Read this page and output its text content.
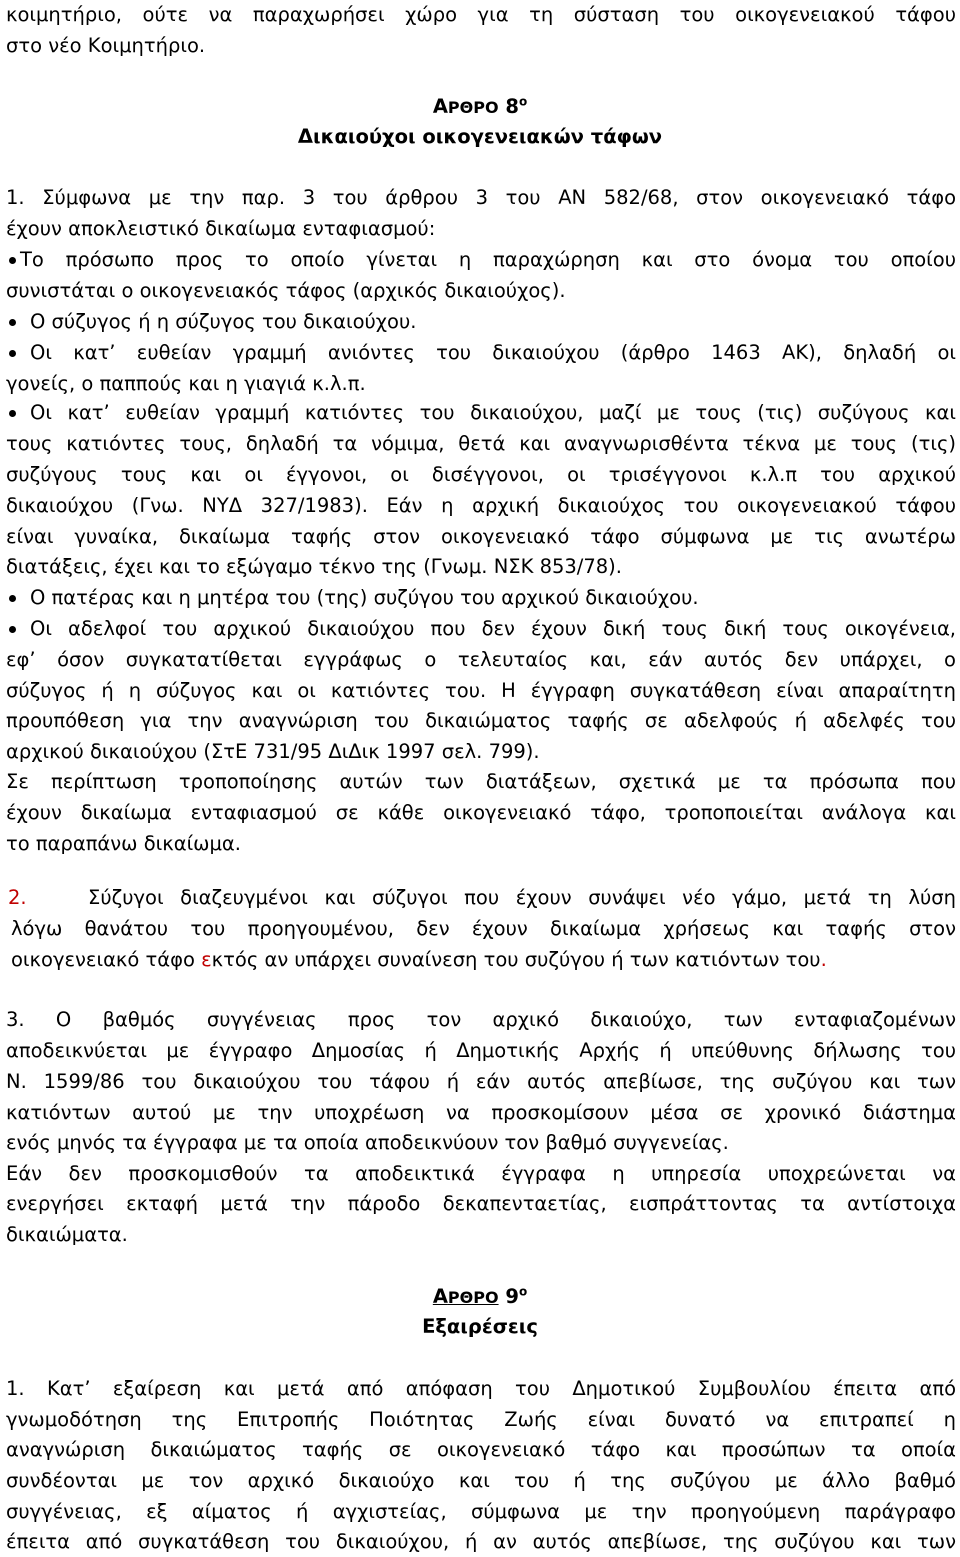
κοιμητήριο, ούτε να παραχωρήσει χώρο για τη σύσταση του οικογενειακού τάφου
στο νέο Κοιμητήριο.
ΑΡΘΡΟ $8^o$
Δικαιούχοι οικογενειακών τάφων
1. Σύμφωνα με την παρ. 3 του άρθρου 3 του ΑΝ 582/68, στον οικογενειακό τάφο
έχουν αποκλειστικό δικαίωμα ενταφιασμού:
Το πρόσωπο προς το οποίο γίνεται η παραχώρηση και στο όνομα του οποίου
συνιστάται ο οικογενειακός τάφος (αρχικός δικαιούχος).
Ο σύζυγος ή η σύζυγος του δικαιούχου.
Οι κατ’ ευθείαν γραμμή ανιόντες του δικαιούχου (άρθρο 1463 ΑΚ), δηλαδή οι
γονείς, ο παππούς και η γιαγιά κ.λ.π.
Οι κατ’ ευθείαν γραμμή κατιόντες του δικαιούχου, μαζί με τους (τις) συζύγους και
τους κατιόντες τους, δηλαδή τα νόμιμα, θετά και αναγνωρισθέντα τέκνα με τους (τις)
συζύγους τους και οι έγγονοι, οι δισέγγονοι, οι τρισέγγονοι κ.λ.π του αρχικού
δικαιούχου (Γνω. ΝΥΔ 327/1983). Εάν η αρχική δικαιούχος του οικογενειακού τάφου
είναι γυναίκα, δικαίωμα ταφής στον οικογενειακό τάφο σύμφωνα με τις ανωτέρω
διατάξεις, έχει και το εξώγαμο τέκνο της (Γνωμ. ΝΣΚ 853/78).
Ο πατέρας και η μητέρα του (της) συζύγου του αρχικού δικαιούχου.
Οι αδελφοί του αρχικού δικαιούχου που δεν έχουν δική τους δική τους οικογένεια,
εφ’ όσον συγκατατίθεται εγγράφως ο τελευταίος και, εάν αυτός δεν υπάρχει, ο
σύζυγος ή η σύζυγος και οι κατιόντες του. Η έγγραφη συγκατάθεση είναι απαραίτητη
προυπόθεση για την αναγνώριση του δικαιώματος ταφής σε αδελφούς ή αδελφές του
αρχικού δικαιούχου (ΣτΕ 731/95 ΔιΔικ 1997 σελ. 799).
Σε περίπτωση τροποποίησης αυτών των διατάξεων, σχετικά με τα πρόσωπα που
έχουν δικαίωμα ενταφιασμού σε κάθε οικογενειακό τάφο, τροποποιείται ανάλογα και
το παραπάνω δικαίωμα.
2.	Σύζυγοι διαζευγμένοι και σύζυγοι που έχουν συνάψει νέο γάμο, μετά τη λύση
λόγω θανάτου του προηγουμένου, δεν έχουν δικαίωμα χρήσεως και ταφής στον
οικογενειακό τάφο εκτός αν υπάρχει συναίνεση του συζύγου ή των κατιόντων του.
3. Ο βαθμός συγγένειας προς τον αρχικό δικαιούχο, των ενταφιαζομένων
αποδεικνύεται με έγγραφο Δημοσίας ή Δημοτικής Αρχής ή υπεύθυνης δήλωσης του
Ν. 1599/86 του δικαιούχου του τάφου ή εάν αυτός απεβίωσε, της συζύγου και των
κατιόντων αυτού με την υποχρέωση να προσκομίσουν μέσα σε χρονικό διάστημα
ενός μηνός τα έγγραφα με τα οποία αποδεικνύουν τον βαθμό συγγενείας.
Εάν δεν προσκομισθούν τα αποδεικτικά έγγραφα η υπηρεσία υποχρεώνεται να
ενεργήσει εκταφή μετά την πάροδο δεκαπενταετίας, εισπράττοντας τα αντίστοιχα
δικαιώματα.
ΑΡΘΡΟ $9^o$
Εξαιρέσεις
1. Κατ’ εξαίρεση και μετά από απόφαση του Δημοτικού Συμβουλίου έπειτα από
γνωμοδότηση της Επιτροπής Ποιότητας Ζωής είναι δυνατό να επιτραπεί η
αναγνώριση δικαιώματος ταφής σε οικογενειακό τάφο και προσώπων τα οποία
συνδέονται με τον αρχικό δικαιούχο και του ή της συζύγου με άλλο βαθμό
συγγένειας, εξ αίματος ή αγχιστείας, σύμφωνα με την προηγούμενη παράγραφο
έπειτα από συγκατάθεση του δικαιούχου, ή αν αυτός απεβίωσε, της συζύγου και των
